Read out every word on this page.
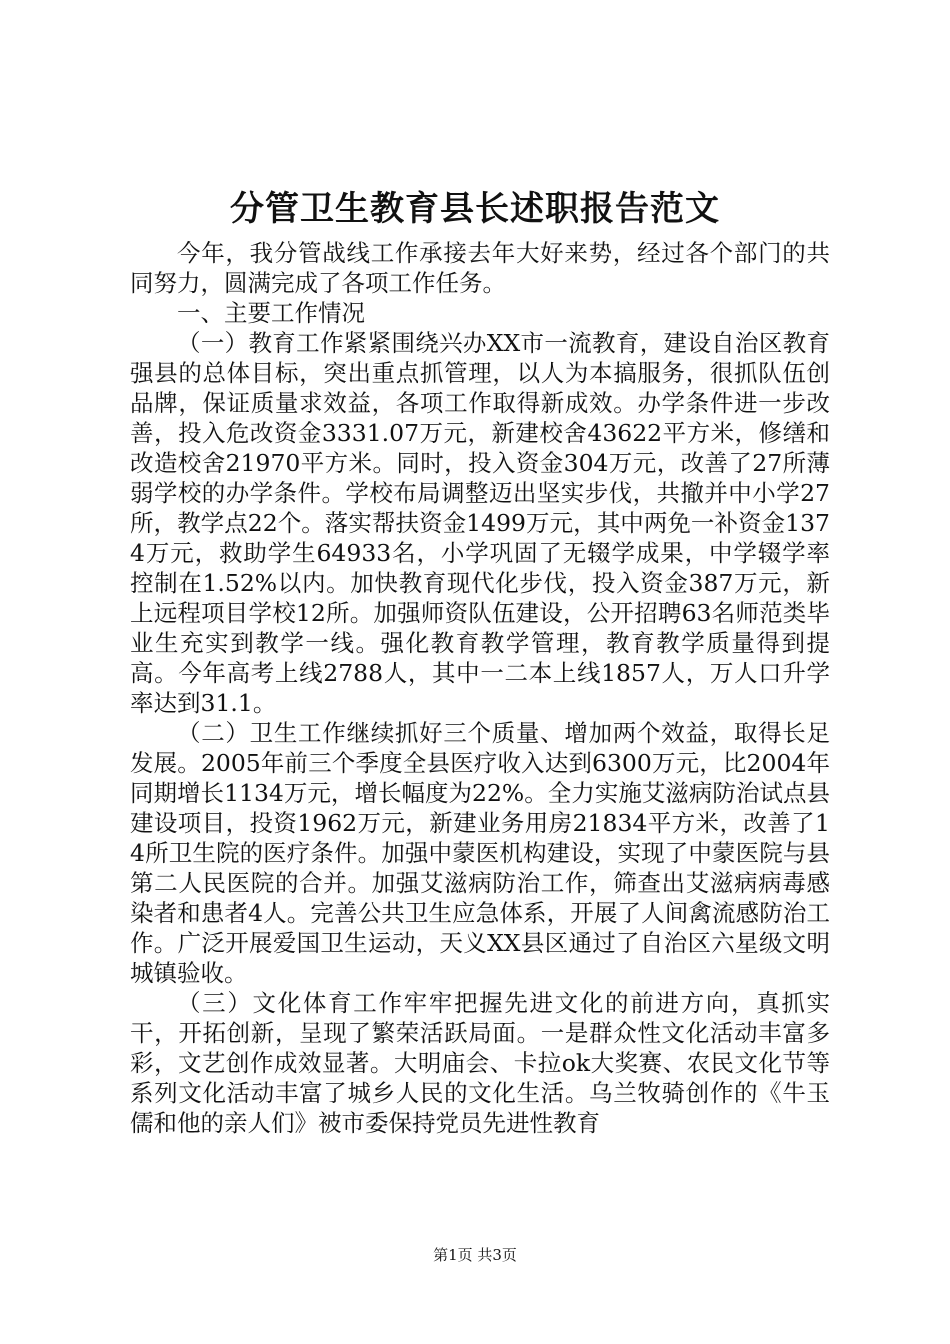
分管卫生教育县长述职报告范文

今年，我分管战线工作承接去年大好来势，经过各个部门的共同努力，圆满完成了各项工作任务。

一、主要工作情况

（一）教育工作紧紧围绕兴办XX市一流教育，建设自治区教育强县的总体目标，突出重点抓管理，以人为本搞服务，很抓队伍创品牌，保证质量求效益，各项工作取得新成效。办学条件进一步改善，投入危改资金3331.07万元，新建校舍43622平方米，修缮和改造校舍21970平方米。同时，投入资金304万元，改善了27所薄弱学校的办学条件。学校布局调整迈出坚实步伐，共撤并中小学27所，教学点22个。落实帮扶资金1499万元，其中两免一补资金1374万元，救助学生64933名，小学巩固了无辍学成果，中学辍学率控制在1.52%以内。加快教育现代化步伐，投入资金387万元，新上远程项目学校12所。加强师资队伍建设，公开招聘63名师范类毕业生充实到教学一线。强化教育教学管理，教育教学质量得到提高。今年高考上线2788人，其中一二本上线1857人，万人口升学率达到31.1。

（二）卫生工作继续抓好三个质量、增加两个效益，取得长足发展。2005年前三个季度全县医疗收入达到6300万元，比2004年同期增长1134万元，增长幅度为22%。全力实施艾滋病防治试点县建设项目，投资1962万元，新建业务用房21834平方米，改善了14所卫生院的医疗条件。加强中蒙医机构建设，实现了中蒙医院与县第二人民医院的合并。加强艾滋病防治工作，筛查出艾滋病病毒感染者和患者4人。完善公共卫生应急体系，开展了人间禽流感防治工作。广泛开展爱国卫生运动，天义XX县区通过了自治区六星级文明城镇验收。

（三）文化体育工作牢牢把握先进文化的前进方向，真抓实干，开拓创新，呈现了繁荣活跃局面。一是群众性文化活动丰富多彩，文艺创作成效显著。大明庙会、卡拉ok大奖赛、农民文化节等系列文化活动丰富了城乡人民的文化生活。乌兰牧骑创作的《牛玉儒和他的亲人们》被市委保持党员先进性教育

第1页 共3页
